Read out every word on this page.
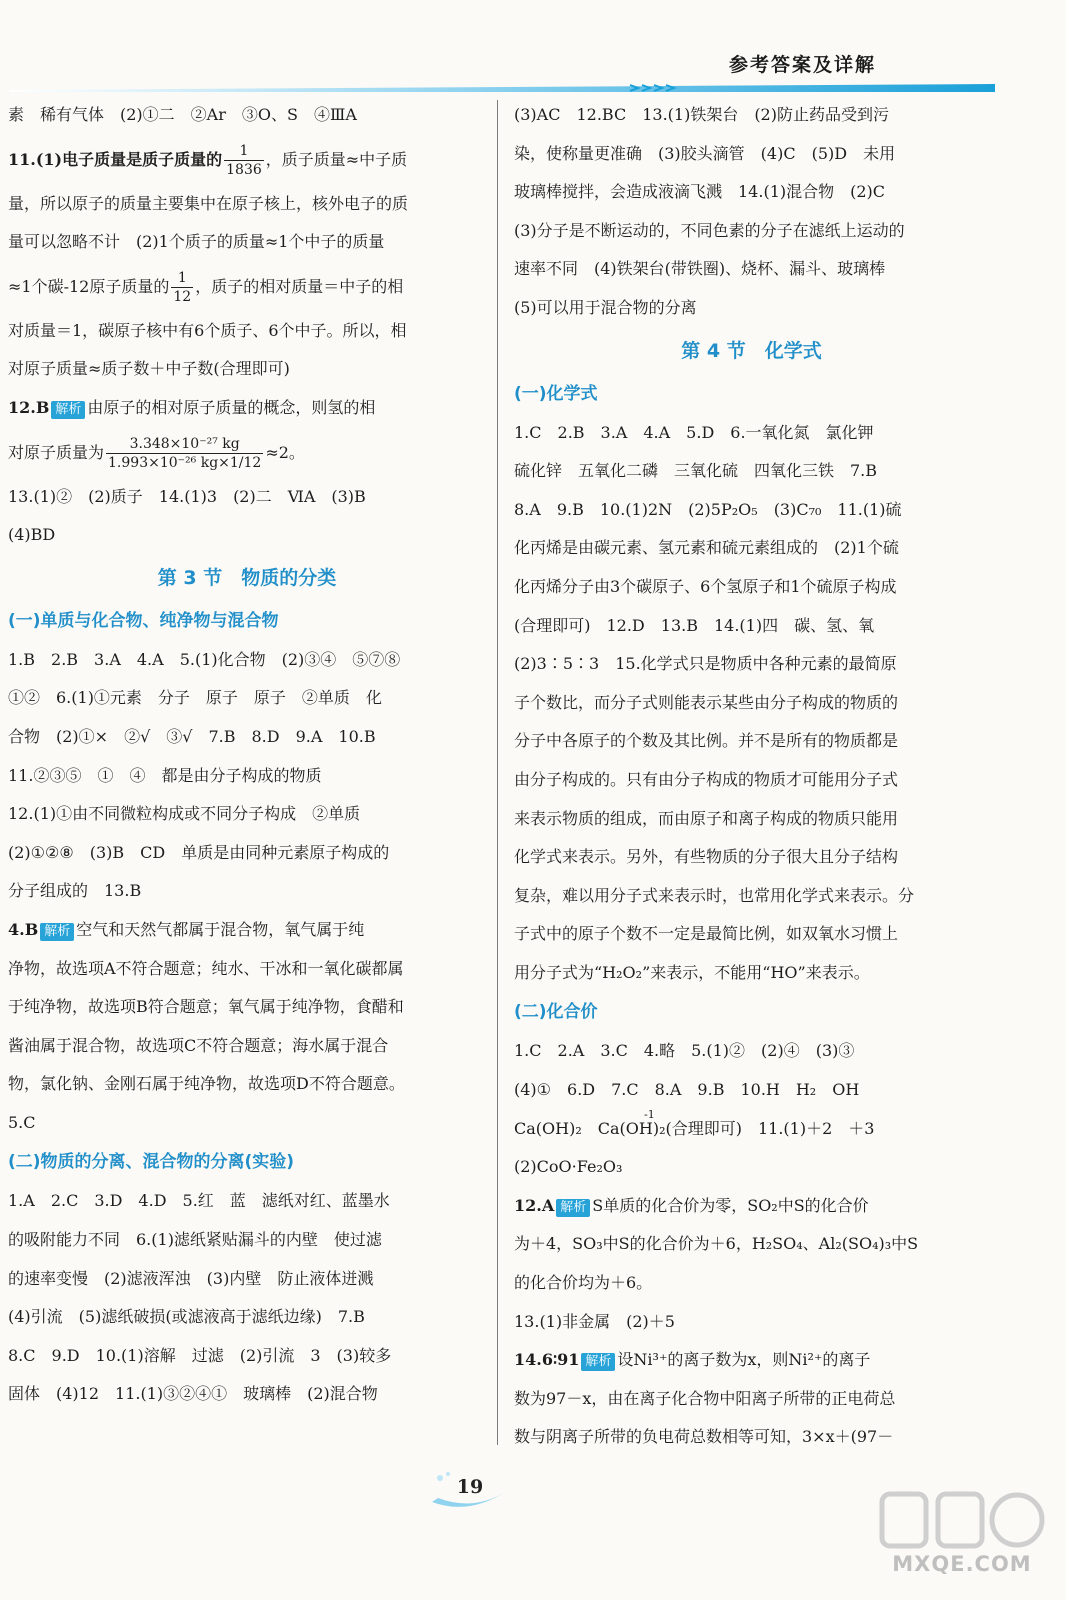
参考答案及详解
素　稀有气体　(2)①二　②Ar　③O、S　④ⅢA
11.(1)电子质量是质子质量的 $\frac{1}{1836}$ ，质子质量≈中子质
量，所以原子的质量主要集中在原子核上，核外电子的质
量可以忽略不计　(2)1个质子的质量≈1个中子的质量
≈1个碳-12原子质量的 $\frac{1}{12}$ ，质子的相对质量＝中子的相
对质量＝1，碳原子核中有6个质子、6个中子。所以，相
对原子质量≈质子数＋中子数(合理即可)
12.B 解析 由原子的相对原子质量的概念，则氢的相
对原子质量为 $\frac{\text{3.348×10⁻²⁷ kg}}{\text{1.993×10⁻²⁶ kg×1/12}} \approx 2$。
13.(1)②　(2)质子　14.(1)3　(2)二　ⅥA　(3)B
(4)BD
第 3 节　物质的分类
(一)单质与化合物、纯净物与混合物
1.B　2.B　3.A　4.A　5.(1)化合物　(2)③④　⑤⑦⑧
①②　6.(1)①元素　分子　原子　原子　②单质　化
合物　(2)①×　②√　③√　7.B　8.D　9.A　10.B
11.②③⑤　①　④　都是由分子构成的物质
12.(1)①由不同微粒构成或不同分子构成　②单质
(2)①②⑧　(3)B　CD　单质是由同种元素原子构成的
分子组成的　13.B
4.B 解析 空气和天然气都属于混合物，氧气属于纯
净物，故选项A不符合题意；纯水、干冰和一氧化碳都属
于纯净物，故选项B符合题意；氧气属于纯净物，食醋和
酱油属于混合物，故选项C不符合题意；海水属于混合
物，氯化钠、金刚石属于纯净物，故选项D不符合题意。
5.C
(二)物质的分离、混合物的分离(实验)
1.A　2.C　3.D　4.D　5.红　蓝　滤纸对红、蓝墨水
的吸附能力不同　6.(1)滤纸紧贴漏斗的内壁　使过滤
的速率变慢　(2)滤液浑浊　(3)内壁　防止液体迸溅
(4)引流　(5)滤纸破损(或滤液高于滤纸边缘)　7.B
8.C　9.D　10.(1)溶解　过滤　(2)引流　3　(3)较多
固体　(4)12　11.(1)③②④①　玻璃棒　(2)混合物
(3)AC　12.BC　13.(1)铁架台　(2)防止药品受到污
染，使称量更准确　(3)胶头滴管　(4)C　(5)D　未用
玻璃棒搅拌，会造成液滴飞溅　14.(1)混合物　(2)C
(3)分子是不断运动的，不同色素的分子在滤纸上运动的
速率不同　(4)铁架台(带铁圈)、烧杯、漏斗、玻璃棒
(5)可以用于混合物的分离
第 4 节　化学式
(一)化学式
1.C　2.B　3.A　4.A　5.D　6.一氧化氮　氯化钾
硫化锌　五氧化二磷　三氧化硫　四氧化三铁　7.B
8.A　9.B　10.(1)2N　(2)5P₂O₅　(3)C₇₀　11.(1)硫
化丙烯是由碳元素、氢元素和硫元素组成的　(2)1个硫
化丙烯分子由3个碳原子、6个氢原子和1个硫原子构成
(合理即可)　12.D　13.B　14.(1)四　碳、氢、氧
(2)3∶5∶3　15.化学式只是物质中各种元素的最简原
子个数比，而分子式则能表示某些由分子构成的物质的
分子中各原子的个数及其比例。并不是所有的物质都是
由分子构成的。只有由分子构成的物质才可能用分子式
来表示物质的组成，而由原子和离子构成的物质只能用
化学式来表示。另外，有些物质的分子很大且分子结构
复杂，难以用分子式来表示时，也常用化学式来表示。分
子式中的原子个数不一定是最简比例，如双氧水习惯上
用分子式为“H₂O₂”来表示，不能用“HO”来表示。
(二)化合价
1.C　2.A　3.C　4.略　5.(1)②　(2)④　(3)③
(4)①　6.D　7.C　8.A　9.B　10.H　H₂　OH
Ca(OH)₂　Ca(OH)₂(合理即可)　11.(1)＋2　＋3
-1
(2)CoO·Fe₂O₃
12.A 解析 S单质的化合价为零，SO₂中S的化合价
为＋4，SO₃中S的化合价为＋6，H₂SO₄、Al₂(SO₄)₃中S
的化合价均为＋6。
13.(1)非金属　(2)＋5
14.6∶91 解析 设Ni³⁺的离子数为x，则Ni²⁺的离子
数为97－x，由在离子化合物中阳离子所带的正电荷总
数与阴离子所带的负电荷总数相等可知，3×x＋(97－
19
MXQE.COM
